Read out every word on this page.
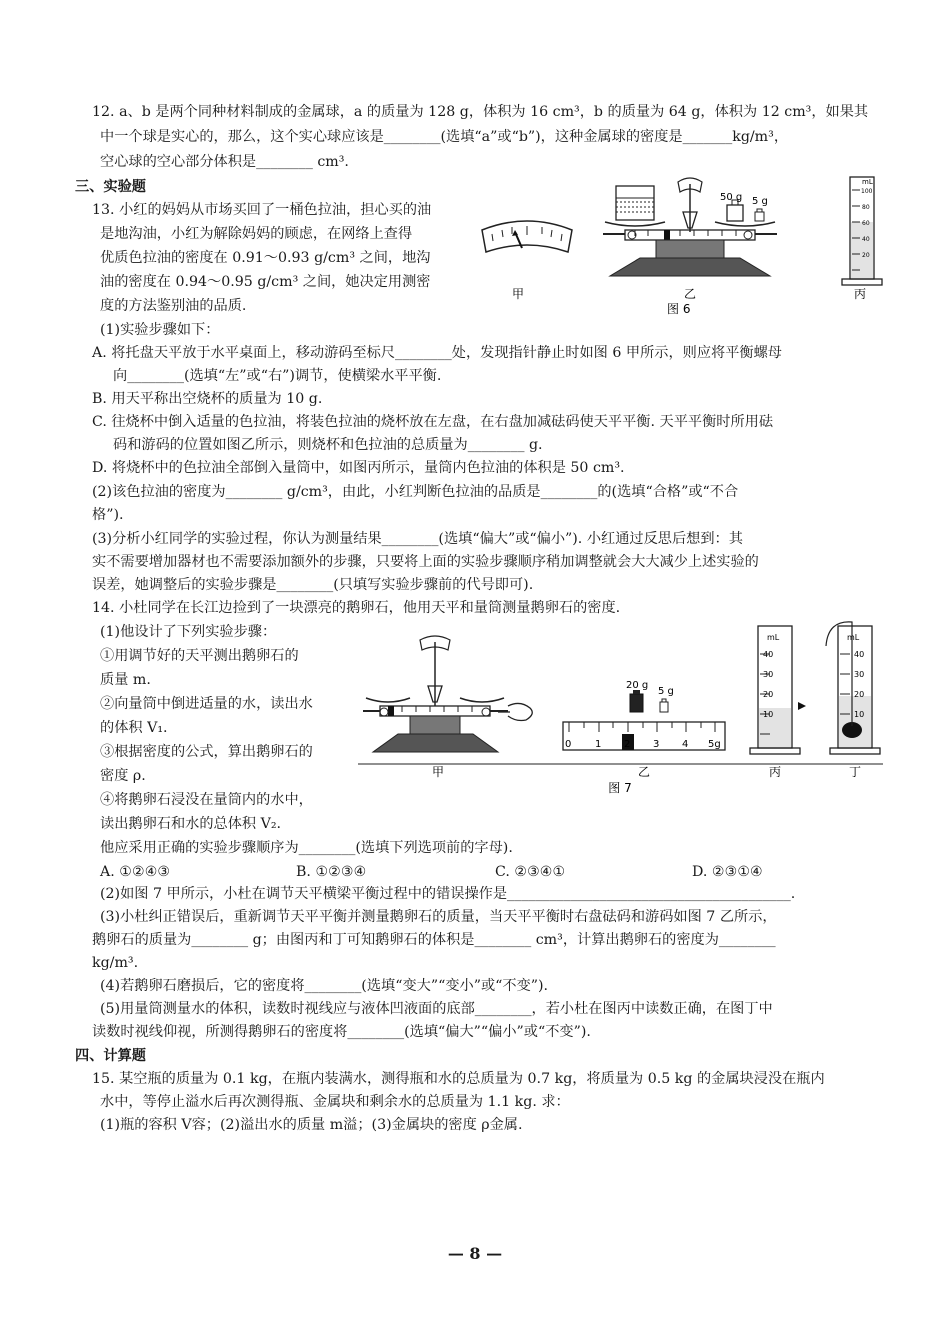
12. a、b 是两个同种材料制成的金属球，a 的质量为 128 g，体积为 16 cm³，b 的质量为 64 g，体积为 12 cm³，如果其
中一个球是实心的，那么，这个实心球应该是________(选填“a”或“b”)，这种金属球的密度是_______kg/m³，
空心球的空心部分体积是________ cm³.
三、实验题
13. 小红的妈妈从市场买回了一桶色拉油，担心买的油
是地沟油，小红为解除妈妈的顾虑，在网络上查得
优质色拉油的密度在 0.91～0.93 g/cm³ 之间，地沟
油的密度在 0.94～0.95 g/cm³ 之间，她决定用测密
度的方法鉴别油的品质.
甲
50 g 5 g
乙
图 6
mL
100
80
60
40
20
丙
(1)实验步骤如下：
A. 将托盘天平放于水平桌面上，移动游码至标尺________处，发现指针静止时如图 6 甲所示，则应将平衡螺母
向________(选填“左”或“右”)调节，使横梁水平平衡.
B. 用天平称出空烧杯的质量为 10 g.
C. 往烧杯中倒入适量的色拉油，将装色拉油的烧杯放在左盘，在右盘加减砝码使天平平衡. 天平平衡时所用砝
码和游码的位置如图乙所示，则烧杯和色拉油的总质量为________ g.
D. 将烧杯中的色拉油全部倒入量筒中，如图丙所示，量筒内色拉油的体积是 50 cm³.
(2)该色拉油的密度为________ g/cm³，由此，小红判断色拉油的品质是________的(选填“合格”或“不合
格”).
(3)分析小红同学的实验过程，你认为测量结果________(选填“偏大”或“偏小”). 小红通过反思后想到：其
实不需要增加器材也不需要添加额外的步骤，只要将上面的实验步骤顺序稍加调整就会大大减少上述实验的
误差，她调整后的实验步骤是________(只填写实验步骤前的代号即可).
14. 小杜同学在长江边捡到了一块漂亮的鹅卵石，他用天平和量筒测量鹅卵石的密度.
(1)他设计了下列实验步骤：
①用调节好的天平测出鹅卵石的
质量 m.
②向量筒中倒进适量的水，读出水
的体积 V₁.
③根据密度的公式，算出鹅卵石的
密度 ρ.
④将鹅卵石浸没在量筒内的水中，
读出鹅卵石和水的总体积 V₂.
他应采用正确的实验步骤顺序为________(选填下列选项前的字母).
A. ①②④③	B. ①②③④	C. ②③④①	D. ②③①④
甲
20 g
5 g
0 1 2 3 4 5g
乙
mL
40
30
20
10
丙
mL
40
30
20
10
丁
图 7
(2)如图 7 甲所示，小杜在调节天平横梁平衡过程中的错误操作是________________________________________.
(3)小杜纠正错误后，重新调节天平平衡并测量鹅卵石的质量，当天平平衡时右盘砝码和游码如图 7 乙所示，
鹅卵石的质量为________ g；由图丙和丁可知鹅卵石的体积是________ cm³，计算出鹅卵石的密度为________
kg/m³.
(4)若鹅卵石磨损后，它的密度将________(选填“变大”“变小”或“不变”).
(5)用量筒测量水的体积，读数时视线应与液体凹液面的底部________，若小杜在图丙中读数正确，在图丁中
读数时视线仰视，所测得鹅卵石的密度将________(选填“偏大”“偏小”或“不变”).
四、计算题
15. 某空瓶的质量为 0.1 kg，在瓶内装满水，测得瓶和水的总质量为 0.7 kg，将质量为 0.5 kg 的金属块浸没在瓶内
水中，等停止溢水后再次测得瓶、金属块和剩余水的总质量为 1.1 kg. 求：
(1)瓶的容积 V容；(2)溢出水的质量 m溢；(3)金属块的密度 ρ金属.
— 8 —
